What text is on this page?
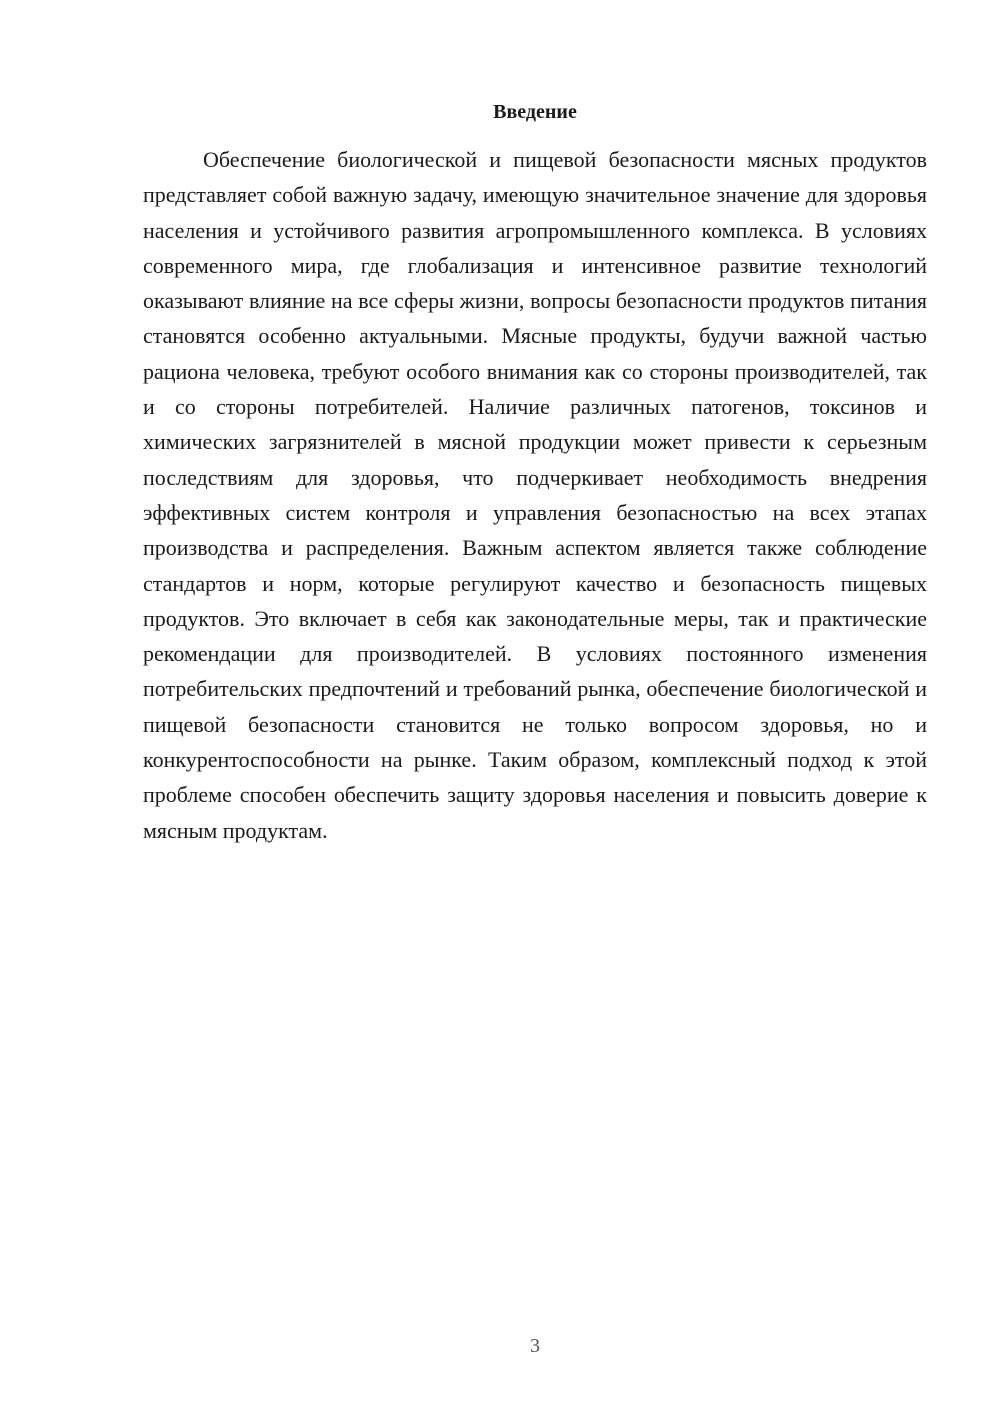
Введение

Обеспечение биологической и пищевой безопасности мясных продуктов представляет собой важную задачу, имеющую значительное значение для здоровья населения и устойчивого развития агропромышленного комплекса. В условиях современного мира, где глобализация и интенсивное развитие технологий оказывают влияние на все сферы жизни, вопросы безопасности продуктов питания становятся особенно актуальными. Мясные продукты, будучи важной частью рациона человека, требуют особого внимания как со стороны производителей, так и со стороны потребителей. Наличие различных патогенов, токсинов и химических загрязнителей в мясной продукции может привести к серьезным последствиям для здоровья, что подчеркивает необходимость внедрения эффективных систем контроля и управления безопасностью на всех этапах производства и распределения. Важным аспектом является также соблюдение стандартов и норм, которые регулируют качество и безопасность пищевых продуктов. Это включает в себя как законодательные меры, так и практические рекомендации для производителей. В условиях постоянного изменения потребительских предпочтений и требований рынка, обеспечение биологической и пищевой безопасности становится не только вопросом здоровья, но и конкурентоспособности на рынке. Таким образом, комплексный подход к этой проблеме способен обеспечить защиту здоровья населения и повысить доверие к мясным продуктам.

3
